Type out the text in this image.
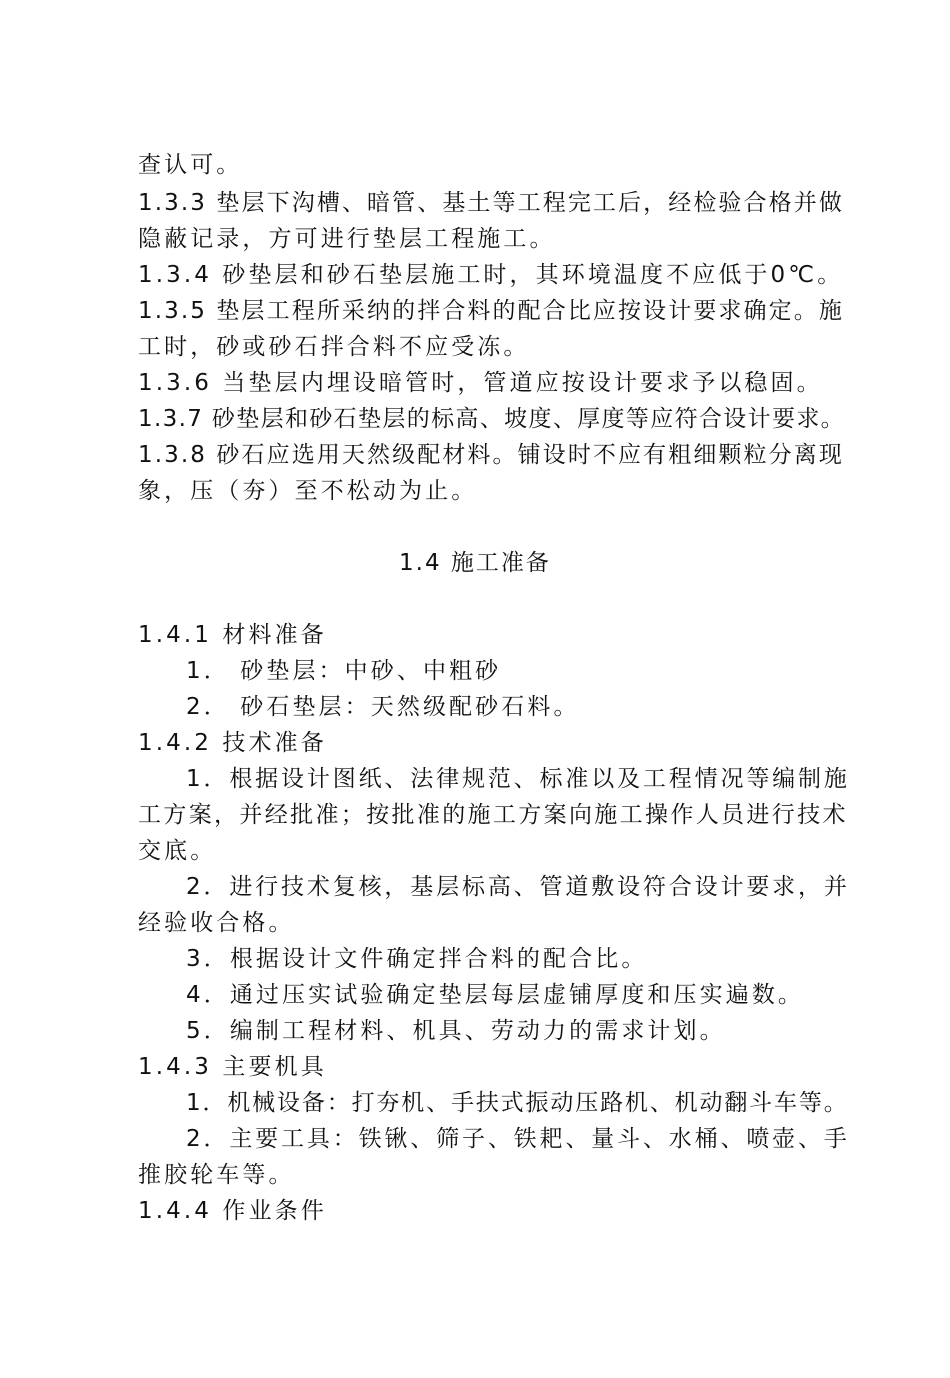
查认可。
1.3.3 垫层下沟槽、暗管、基土等工程完工后，经检验合格并做
隐蔽记录，方可进行垫层工程施工。
1.3.4 砂垫层和砂石垫层施工时，其环境温度不应低于0℃。
1.3.5 垫层工程所采纳的拌合料的配合比应按设计要求确定。施
工时，砂或砂石拌合料不应受冻。
1.3.6 当垫层内埋设暗管时，管道应按设计要求予以稳固。
1.3.7 砂垫层和砂石垫层的标高、坡度、厚度等应符合设计要求。
1.3.8 砂石应选用天然级配材料。铺设时不应有粗细颗粒分离现
象，压（夯）至不松动为止。
1.4 施工准备
1.4.1 材料准备
1． 砂垫层：中砂、中粗砂
2． 砂石垫层：天然级配砂石料。
1.4.2 技术准备
1．根据设计图纸、法律规范、标准以及工程情况等编制施
工方案，并经批准；按批准的施工方案向施工操作人员进行技术
交底。
2．进行技术复核，基层标高、管道敷设符合设计要求，并
经验收合格。
3．根据设计文件确定拌合料的配合比。
4．通过压实试验确定垫层每层虚铺厚度和压实遍数。
5．编制工程材料、机具、劳动力的需求计划。
1.4.3 主要机具
1．机械设备：打夯机、手扶式振动压路机、机动翻斗车等。
2．主要工具：铁锹、筛子、铁耙、量斗、水桶、喷壶、手
推胶轮车等。
1.4.4 作业条件
